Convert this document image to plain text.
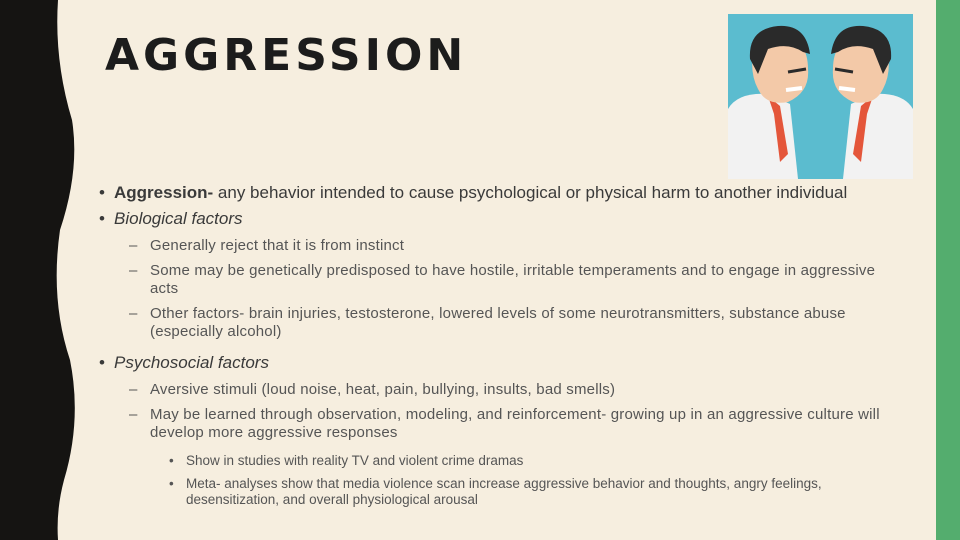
AGGRESSION
• Aggression- any behavior intended to cause psychological or physical harm to another individual
• Biological factors
– Generally reject that it is from instinct
– Some may be genetically predisposed to have hostile, irritable temperaments and to engage in aggressive acts
– Other factors- brain injuries, testosterone, lowered levels of some neurotransmitters, substance abuse (especially alcohol)
• Psychosocial factors
– Aversive stimuli (loud noise, heat, pain, bullying, insults, bad smells)
– May be learned through observation, modeling, and reinforcement- growing up in an aggressive culture will develop more aggressive responses
• Show in studies with reality TV and violent crime dramas
• Meta- analyses show that media violence scan increase aggressive behavior and thoughts, angry feelings, desensitization, and overall physiological arousal
